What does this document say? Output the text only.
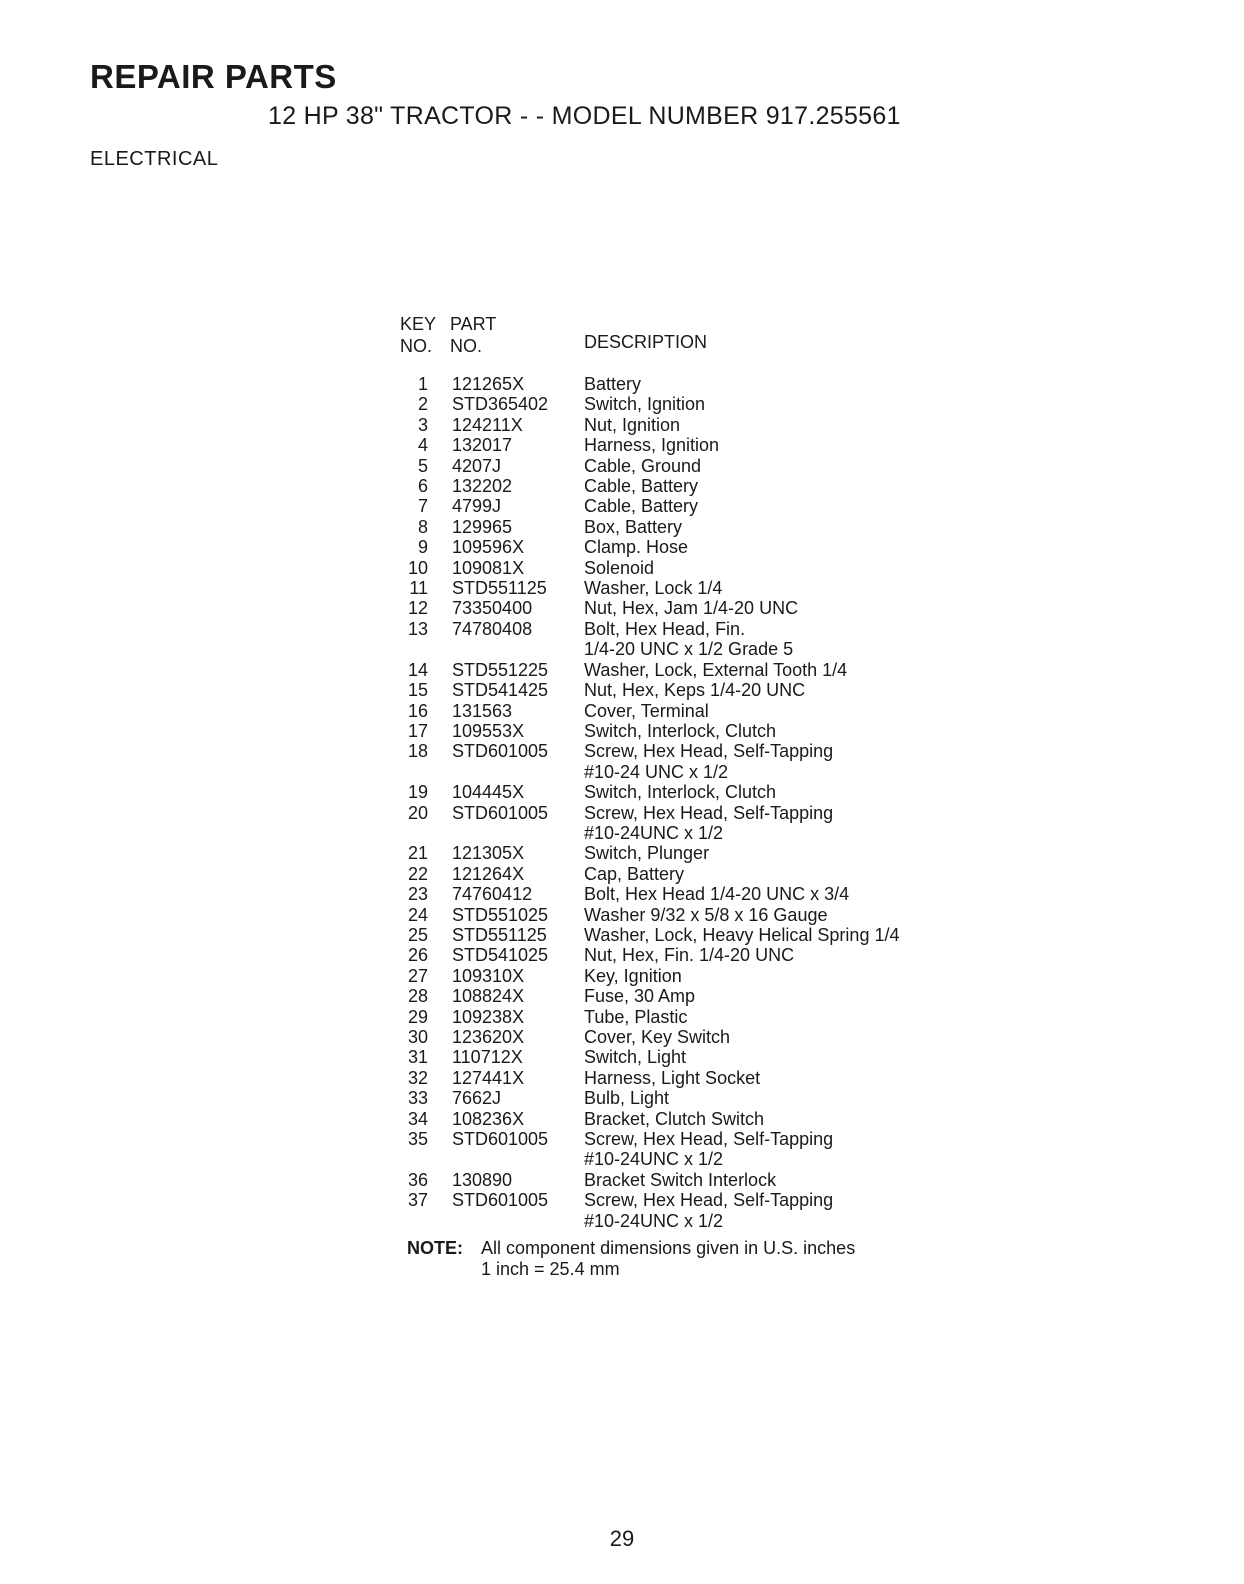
REPAIR PARTS
12 HP 38" TRACTOR - - MODEL NUMBER 917.255561
ELECTRICAL
KEY
NO.
PART
NO.	DESCRIPTION
1	121265X	Battery
2	STD365402	Switch, Ignition
3	124211X	Nut, Ignition
4	132017	Harness, Ignition
5	4207J	Cable, Ground
6	132202	Cable, Battery
7	4799J	Cable, Battery
8	129965	Box, Battery
9	109596X	Clamp. Hose
10	109081X	Solenoid
11	STD551125	Washer, Lock 1/4
12	73350400	Nut, Hex, Jam 1/4-20 UNC
13	74780408	Bolt, Hex Head, Fin.
1/4-20 UNC x 1/2 Grade 5
14	STD551225	Washer, Lock, External Tooth 1/4
15	STD541425	Nut, Hex, Keps 1/4-20 UNC
16	131563	Cover, Terminal
17	109553X	Switch, Interlock, Clutch
18	STD601005	Screw, Hex Head, Self-Tapping
#10-24 UNC x 1/2
19	104445X	Switch, Interlock, Clutch
20	STD601005	Screw, Hex Head, Self-Tapping
#10-24UNC x 1/2
21	121305X	Switch, Plunger
22	121264X	Cap, Battery
23	74760412	Bolt, Hex Head 1/4-20 UNC x 3/4
24	STD551025	Washer 9/32 x 5/8 x 16 Gauge
25	STD551125	Washer, Lock, Heavy Helical Spring 1/4
26	STD541025	Nut, Hex, Fin. 1/4-20 UNC
27	109310X	Key, Ignition
28	108824X	Fuse, 30 Amp
29	109238X	Tube, Plastic
30	123620X	Cover, Key Switch
31	110712X	Switch, Light
32	127441X	Harness, Light Socket
33	7662J	Bulb, Light
34	108236X	Bracket, Clutch Switch
35	STD601005	Screw, Hex Head, Self-Tapping
#10-24UNC x 1/2
36	130890	Bracket Switch Interlock
37	STD601005	Screw, Hex Head, Self-Tapping
#10-24UNC x 1/2
NOTE: All component dimensions given in U.S. inches
1 inch = 25.4 mm
29
